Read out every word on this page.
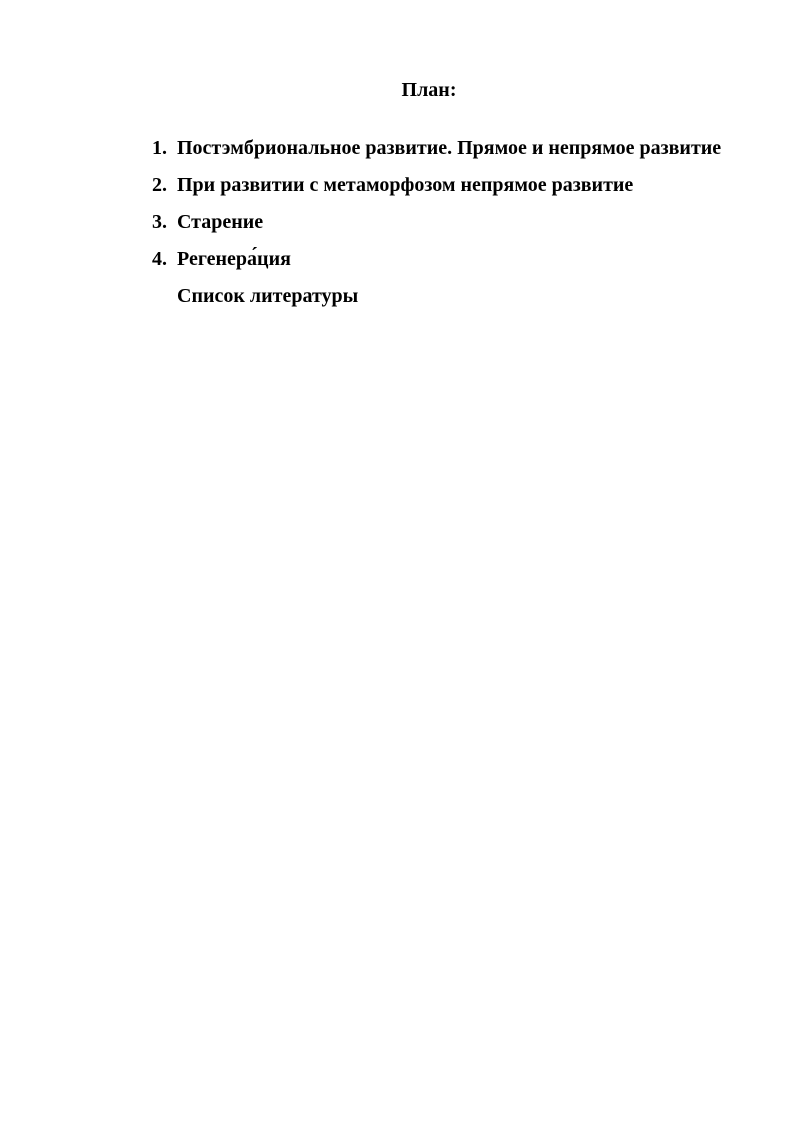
План:
1. Постэмбриональное развитие. Прямое и непрямое развитие
2. При развитии с метаморфозом непрямое развитие
3. Старение
4. Регенера́ция
Список литературы
